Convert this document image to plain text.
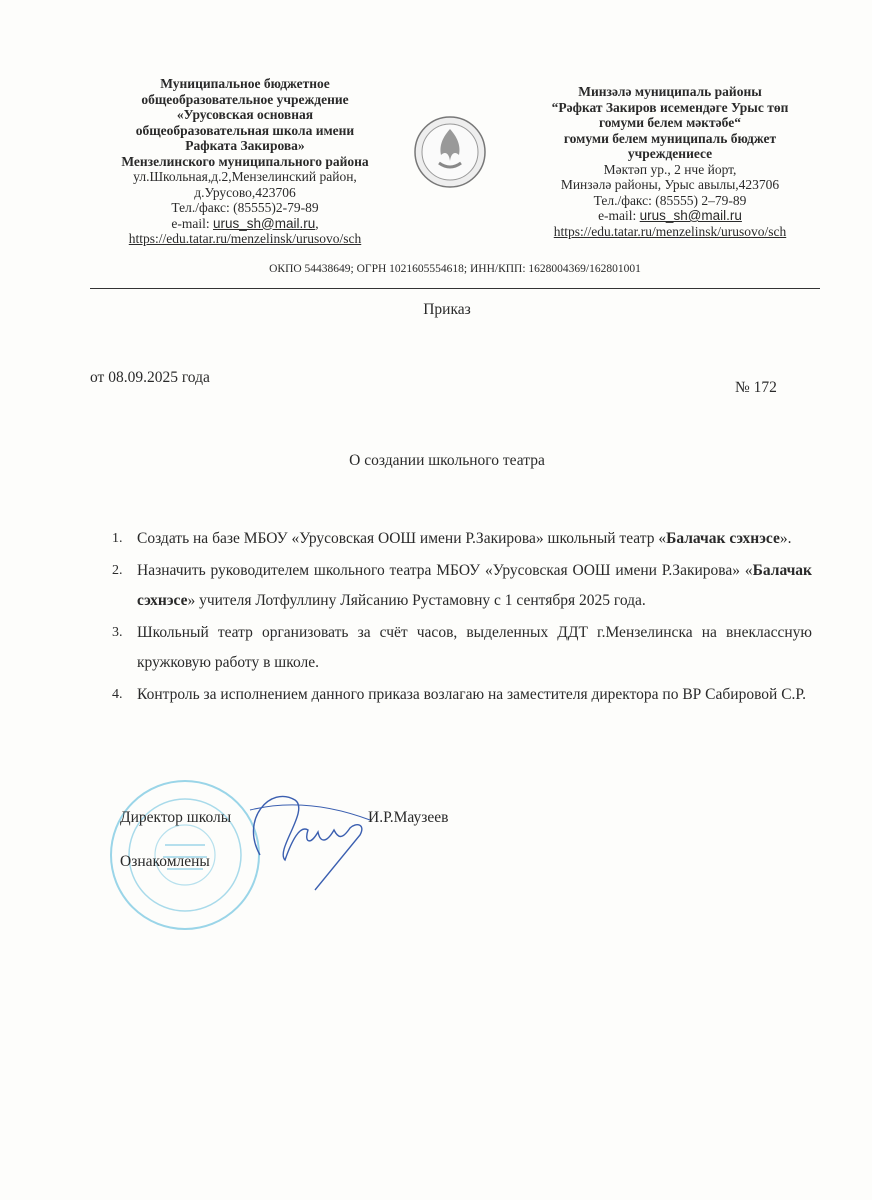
Муниципальное бюджетное
общеобразовательное учреждение
«Урусовская основная
общеобразовательная школа имени
Рафката Закирова»
Мензелинского муниципального района
ул.Школьная,д.2,Мензелинский район,
д.Урусово,423706
Тел./факс: (85555)2-79-89
e-mail: urus_sh@mail.ru,
https://edu.tatar.ru/menzelinsk/urusovo/sch
Минзәлә муниципаль районы
“Рәфкат Закиров исемендәге Урыс төп
гомуми белем мәктәбе“
гомуми белем муниципаль бюджет
учреждениесе
Мәктәп ур., 2 нче йорт,
Минзәлә районы, Урыс авылы,423706
Тел./факс: (85555) 2–79-89
e-mail: urus_sh@mail.ru
https://edu.tatar.ru/menzelinsk/urusovo/sch
ОКПО 54438649; ОГРН 1021605554618; ИНН/КПП: 1628004369/162801001
Приказ
от 08.09.2025 года
№ 172
О создании школьного театра
1. Создать на базе МБОУ «Урусовская ООШ имени Р.Закирова» школьный театр «Балачак сэхнэсе».
2. Назначить руководителем школьного театра МБОУ «Урусовская ООШ имени Р.Закирова» «Балачак сэхнэсе» учителя Лотфуллину Ляйсанию Рустамовну с 1 сентября 2025 года.
3. Школьный театр организовать за счёт часов, выделенных ДДТ г.Мензелинска на внеклассную кружковую работу в школе.
4. Контроль за исполнением данного приказа возлагаю на заместителя директора по ВР Сабировой С.Р.
Директор школы	И.Р.Маузеев
Ознакомлены
